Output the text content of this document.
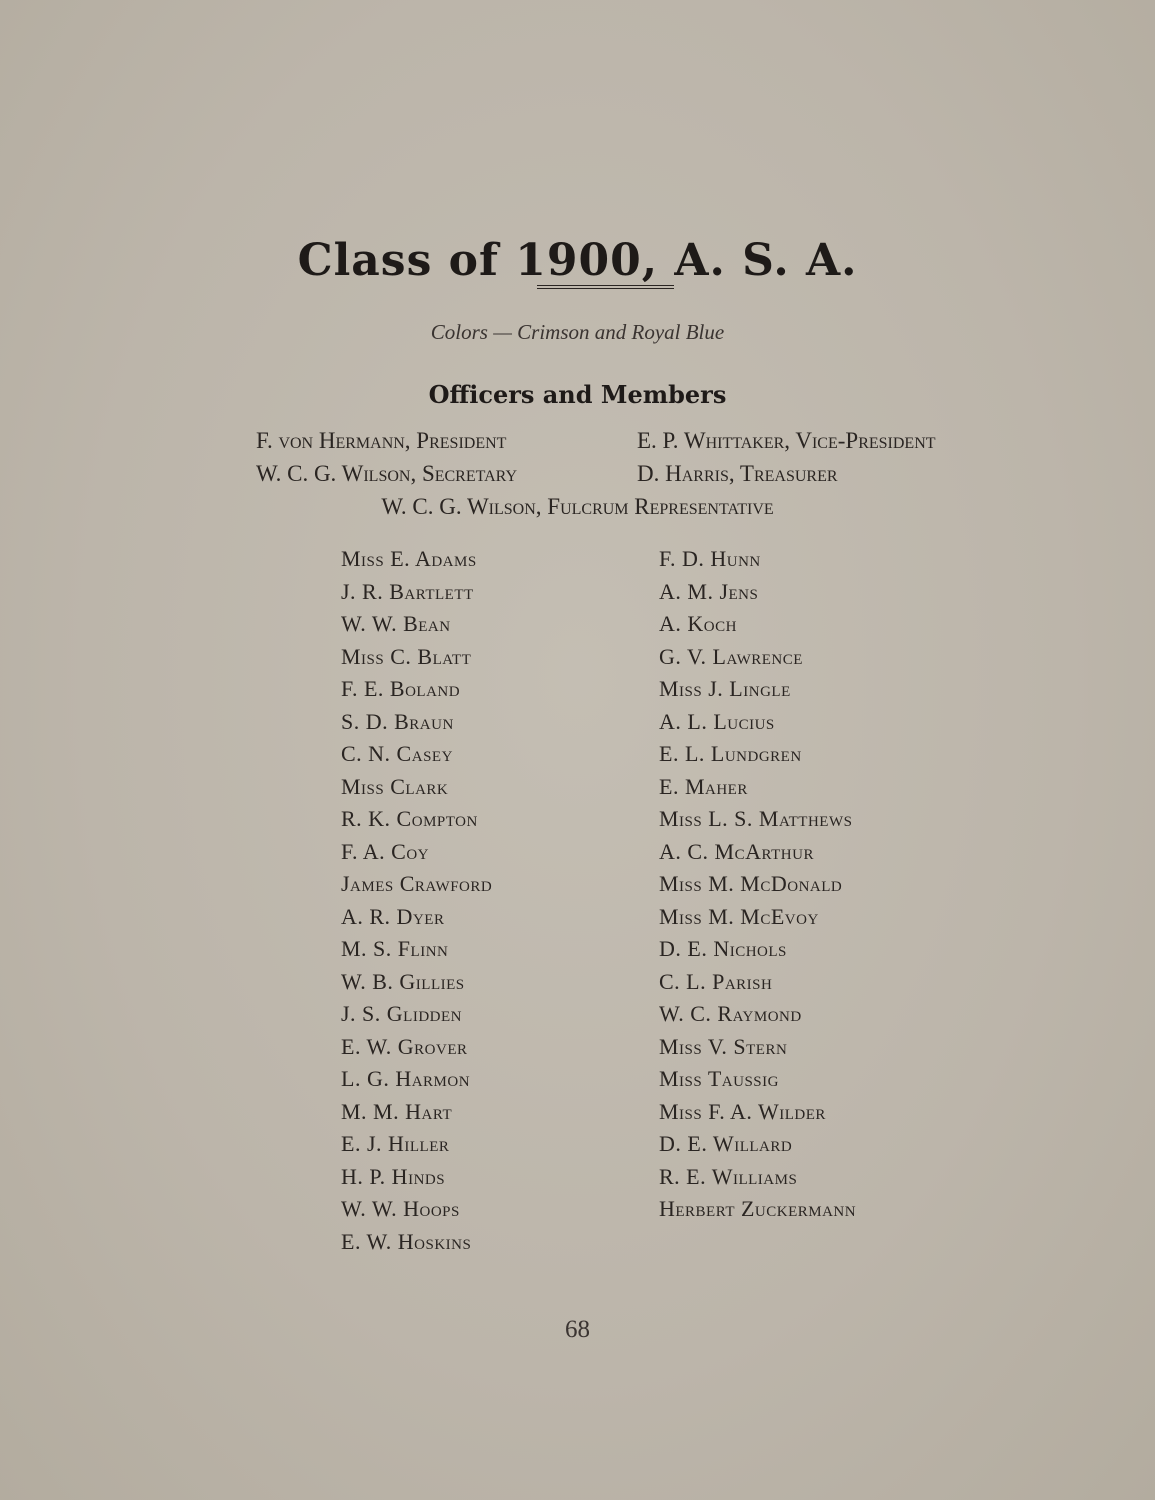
Class of 1900, A. S. A.
Colors — Crimson and Royal Blue
Officers and Members
F. von Hermann, President	E. P. Whittaker, Vice-President
W. C. G. Wilson, Secretary	D. Harris, Treasurer
W. C. G. Wilson, Fulcrum Representative
Miss E. Adams
J. R. Bartlett
W. W. Bean
Miss C. Blatt
F. E. Boland
S. D. Braun
C. N. Casey
Miss Clark
R. K. Compton
F. A. Coy
James Crawford
A. R. Dyer
M. S. Flinn
W. B. Gillies
J. S. Glidden
E. W. Grover
L. G. Harmon
M. M. Hart
E. J. Hiller
H. P. Hinds
W. W. Hoops
E. W. Hoskins
F. D. Hunn
A. M. Jens
A. Koch
G. V. Lawrence
Miss J. Lingle
A. L. Lucius
E. L. Lundgren
E. Maher
Miss L. S. Matthews
A. C. McArthur
Miss M. McDonald
Miss M. McEvoy
D. E. Nichols
C. L. Parish
W. C. Raymond
Miss V. Stern
Miss Taussig
Miss F. A. Wilder
D. E. Willard
R. E. Williams
Herbert Zuckermann
68
